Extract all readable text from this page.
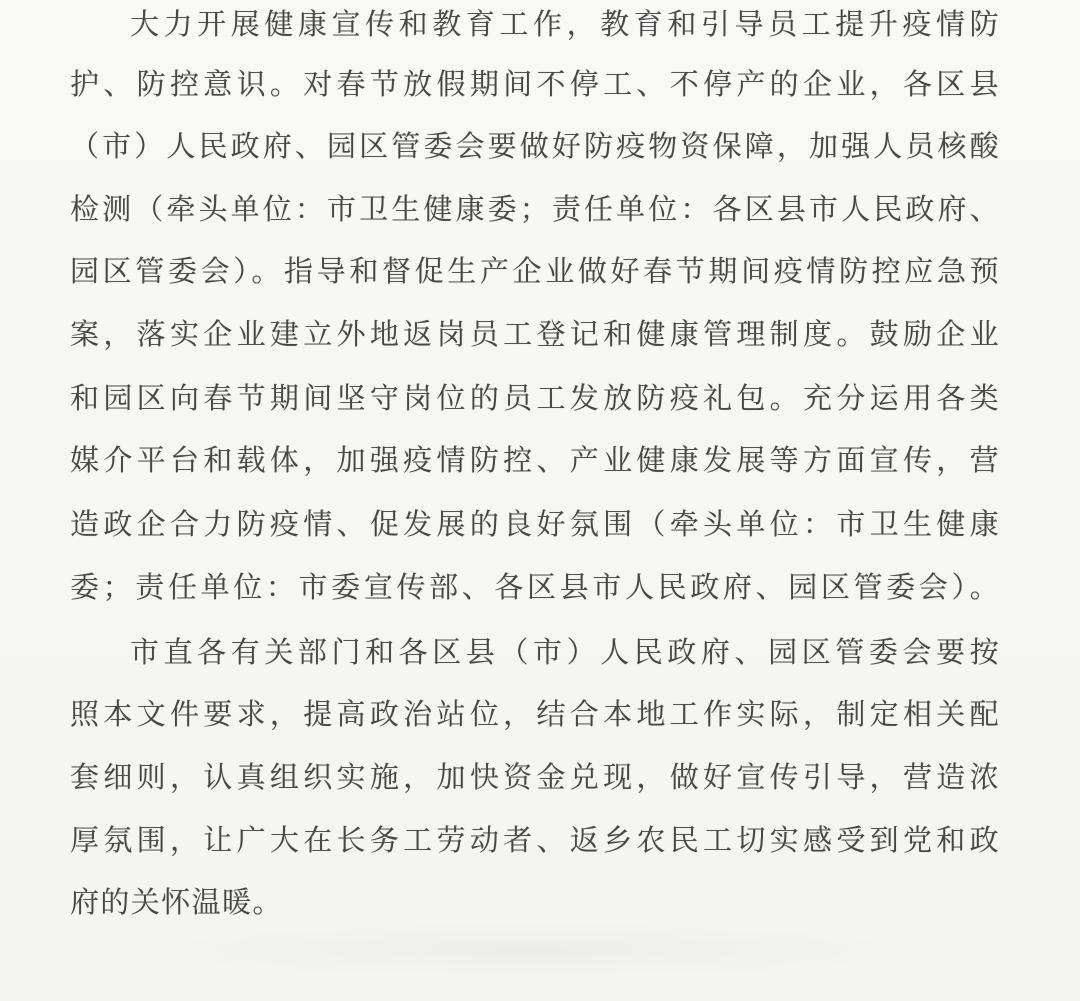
大力开展健康宣传和教育工作，教育和引导员工提升疫情防
护、防控意识。对春节放假期间不停工、不停产的企业，各区县
（市）人民政府、园区管委会要做好防疫物资保障，加强人员核酸
检测（牵头单位：市卫生健康委；责任单位：各区县市人民政府、
园区管委会）。指导和督促生产企业做好春节期间疫情防控应急预
案，落实企业建立外地返岗员工登记和健康管理制度。鼓励企业
和园区向春节期间坚守岗位的员工发放防疫礼包。充分运用各类
媒介平台和载体，加强疫情防控、产业健康发展等方面宣传，营
造政企合力防疫情、促发展的良好氛围（牵头单位：市卫生健康
委；责任单位：市委宣传部、各区县市人民政府、园区管委会）。
市直各有关部门和各区县（市）人民政府、园区管委会要按
照本文件要求，提高政治站位，结合本地工作实际，制定相关配
套细则，认真组织实施，加快资金兑现，做好宣传引导，营造浓
厚氛围，让广大在长务工劳动者、返乡农民工切实感受到党和政
府的关怀温暖。
